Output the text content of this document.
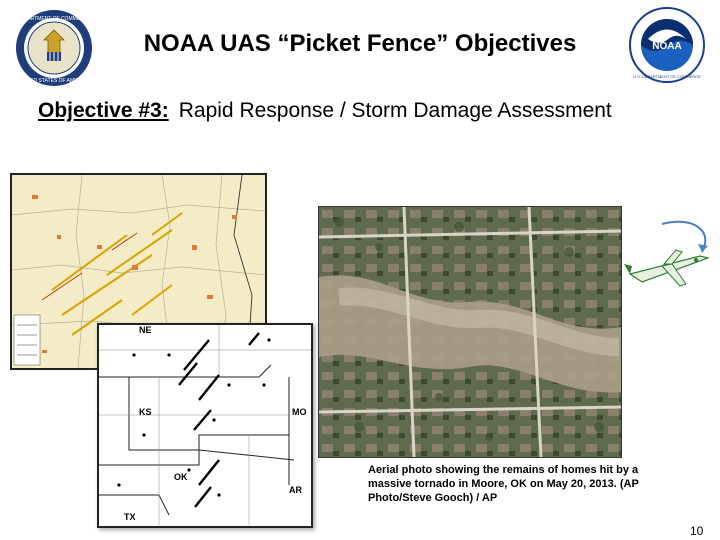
DEPARTMENT OF COMMERCE
UNITED STATES OF AMERICA
NOAA UAS “Picket Fence” Objectives	NOAA
U.S. DEPARTMENT OF COMMERCE
Objective #3: Rapid Response / Storm Damage Assessment
KS
OK
MO
AR
TX
NE
Aerial photo showing the remains of homes hit by a massive tornado in Moore, OK on May 20, 2013. (AP Photo/Steve Gooch) / AP
10
